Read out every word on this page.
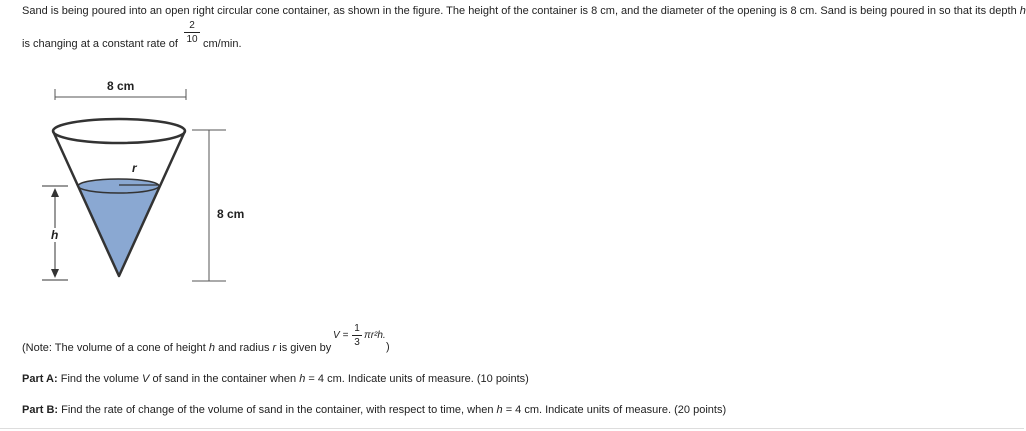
Sand is being poured into an open right circular cone container, as shown in the figure. The height of the container is 8 cm, and the diameter of the opening is 8 cm. Sand is being poured in so that its depth h
is changing at a constant rate of
2
10 cm/min.
8 cm
8 cm
r
h
(Note: The volume of a cone of height h and radius r is given by
V =
1
3
πr²h.
)
Part A: Find the volume V of sand in the container when h = 4 cm. Indicate units of measure. (10 points)
Part B: Find the rate of change of the volume of sand in the container, with respect to time, when h = 4 cm. Indicate units of measure. (20 points)
